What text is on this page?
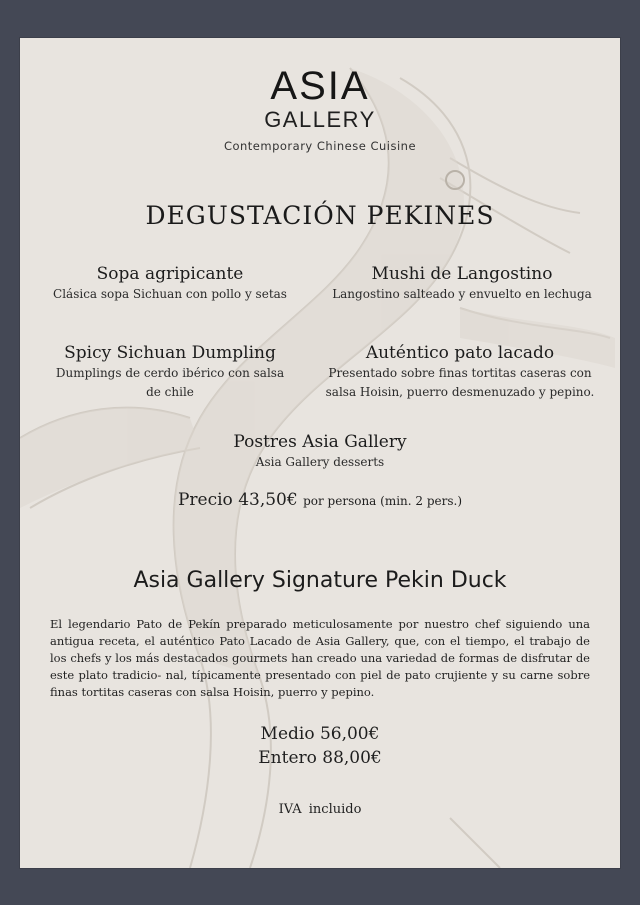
ASIA
GALLERY
Contemporary Chinese Cuisine
DEGUSTACIÓN PEKINES
Sopa agripicante
Clásica sopa Sichuan con pollo y setas
Mushi de Langostino
Langostino salteado y envuelto en lechuga
Spicy Sichuan Dumpling
Dumplings de cerdo ibérico con salsa de chile
Auténtico pato lacado
Presentado sobre finas tortitas caseras con salsa Hoisin, puerro desmenuzado y pepino.
Postres Asia Gallery
Asia Gallery desserts
Precio 43,50€ por persona (min. 2 pers.)
Asia Gallery Signature Pekin Duck
El legendario Pato de Pekín preparado meticulosamente por nuestro chef siguiendo una antigua receta, el auténtico Pato Lacado de Asia Gallery, que, con el tiempo, el trabajo de los chefs y los más destacados gourmets han creado una variedad de formas de disfrutar de este plato tradicio- nal, típicamente presentado con piel de pato crujiente y su carne sobre finas tortitas caseras con salsa Hoisin, puerro y pepino.
Medio 56,00€
Entero 88,00€
IVA incluido
